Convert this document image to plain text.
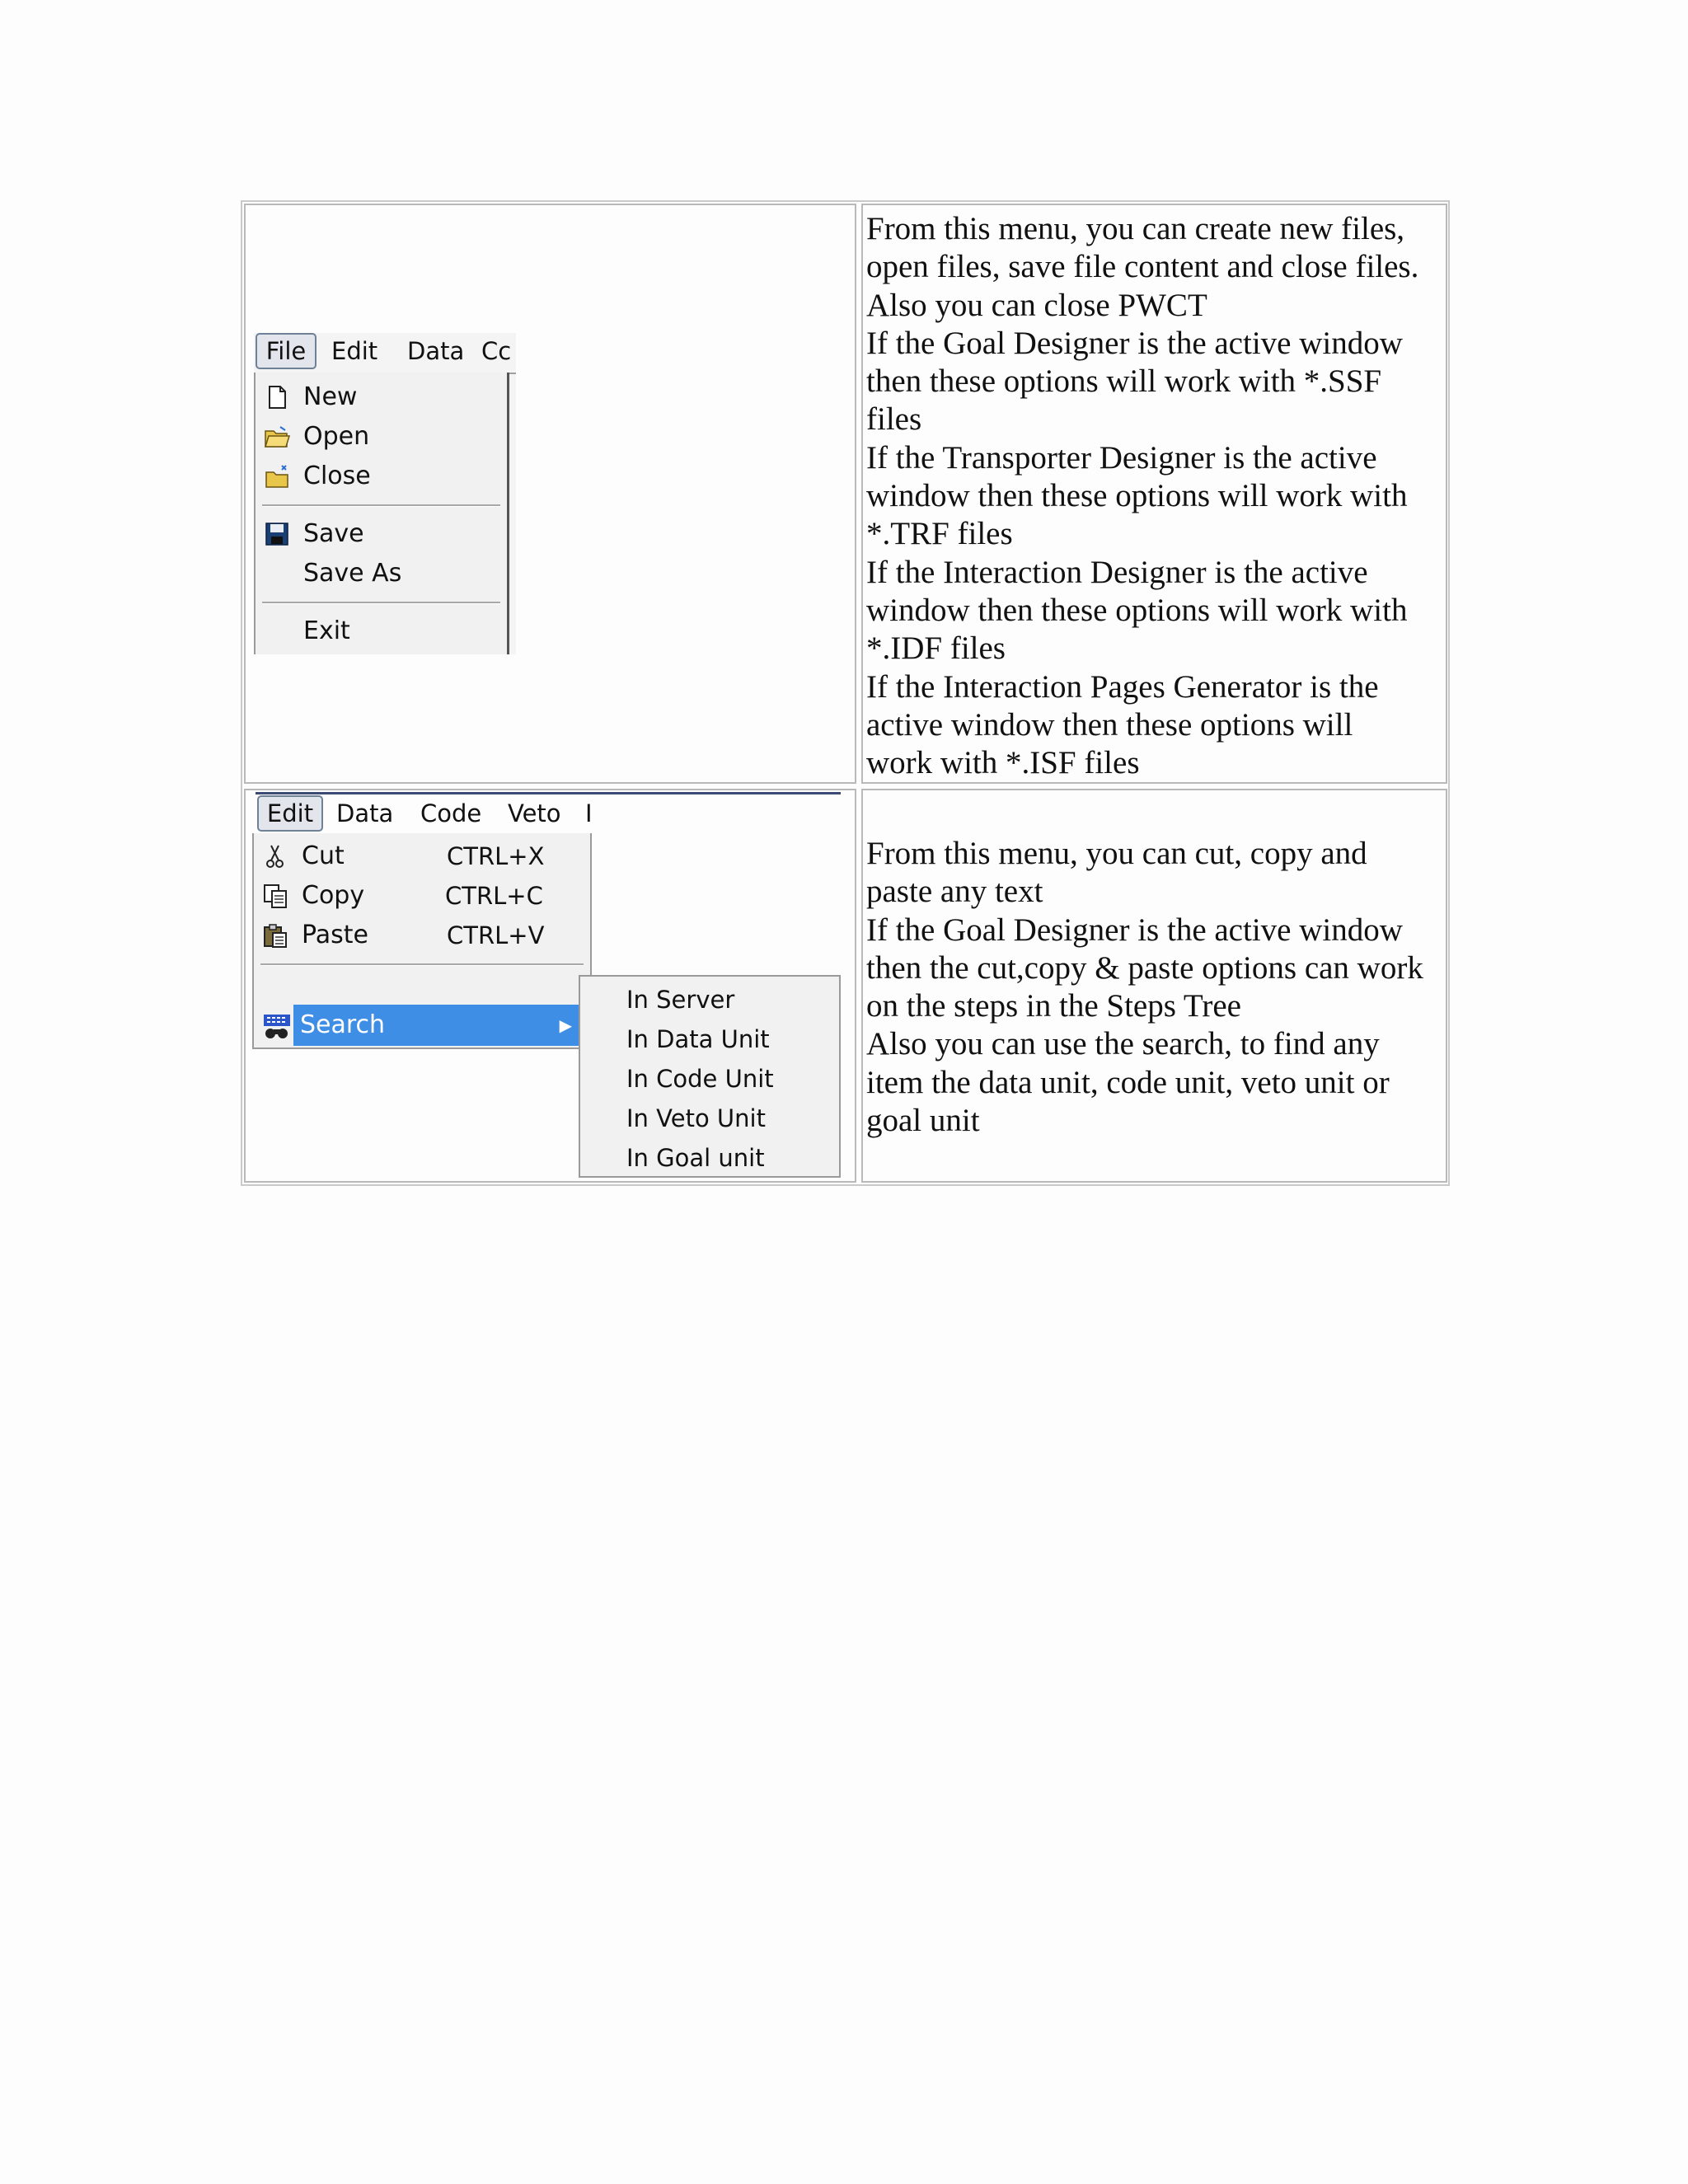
File	Edit Data Cc
New
Open
Close
Save
Save As
Exit
From this menu, you can create new files,
open files, save file content and close files.
Also you can close PWCT
If the Goal Designer is the active window
then these options will work with *.SSF
files
If the Transporter Designer is the active
window then these options will work with
*.TRF files
If the Interaction Designer is the active
window then these options will work with
*.IDF files
If the Interaction Pages Generator is the
active window then these options will
work with *.ISF files
Edit Data Code Veto I
Cut	CTRL+X
Copy	CTRL+C
Paste	CTRL+V
Search	▶
In Server
In Data Unit
In Code Unit
In Veto Unit
In Goal unit
From this menu, you can cut, copy and
paste any text
If the Goal Designer is the active window
then the cut,copy & paste options can work
on the steps in the Steps Tree
Also you can use the search, to find any
item the data unit, code unit, veto unit or
goal unit
